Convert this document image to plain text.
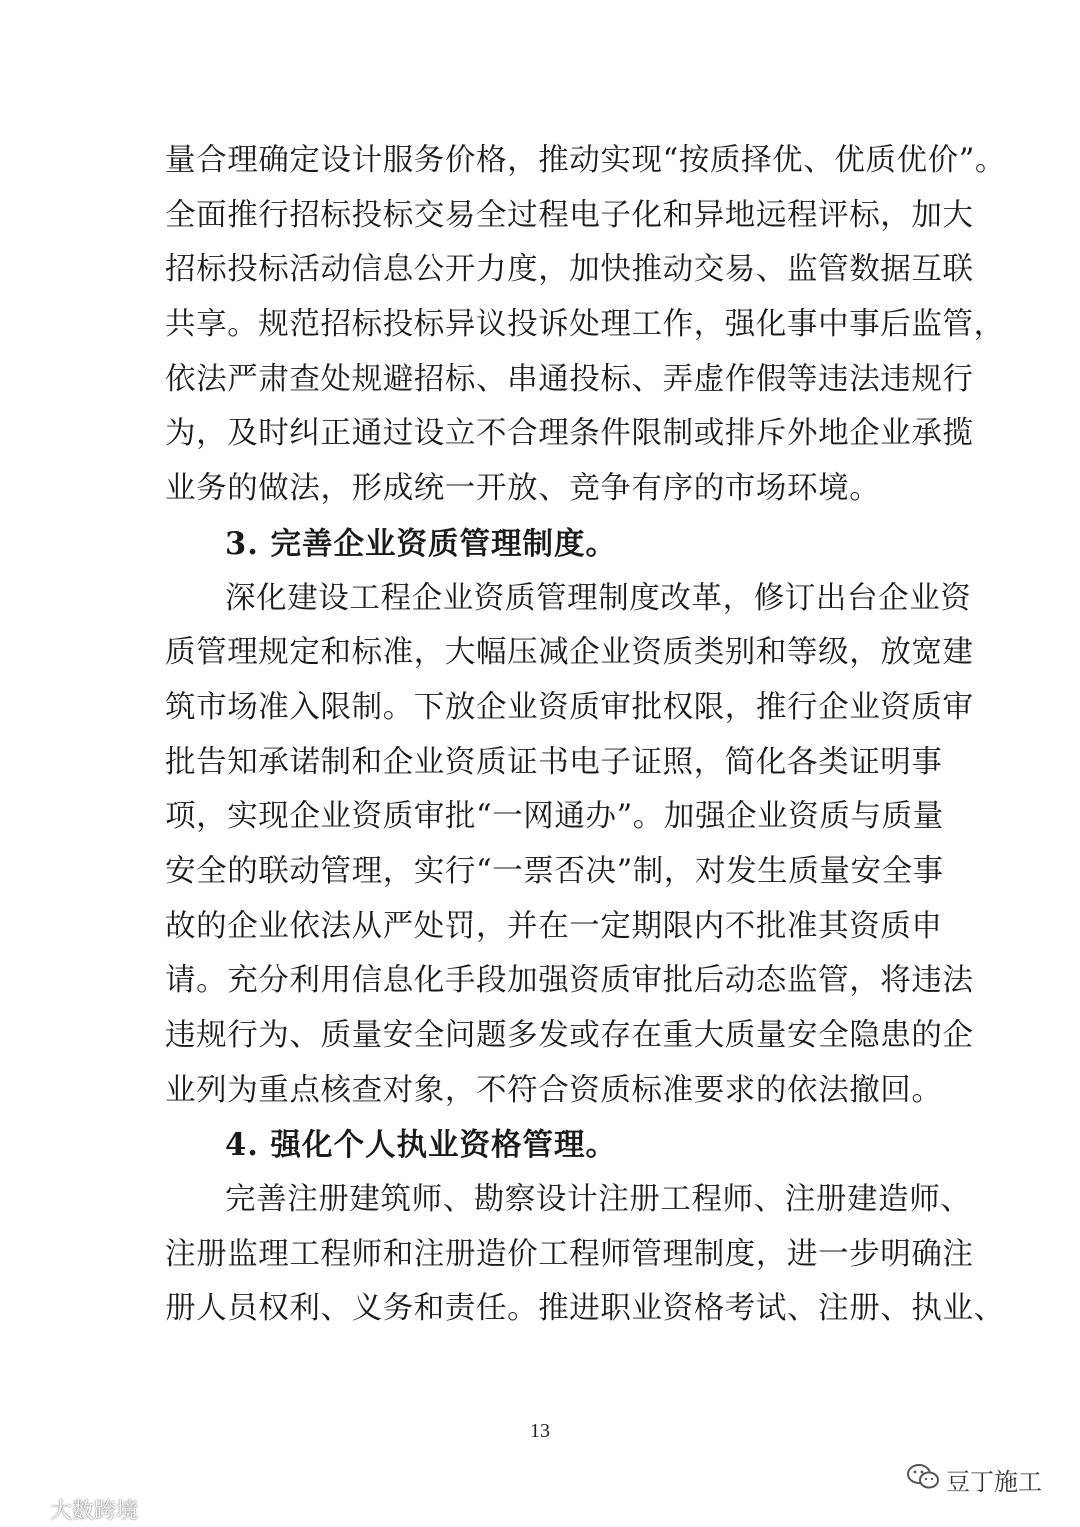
量合理确定设计服务价格，推动实现“按质择优、优质优价”。
全面推行招标投标交易全过程电子化和异地远程评标，加大
招标投标活动信息公开力度，加快推动交易、监管数据互联
共享。规范招标投标异议投诉处理工作，强化事中事后监管，
依法严肃查处规避招标、串通投标、弄虚作假等违法违规行
为，及时纠正通过设立不合理条件限制或排斥外地企业承揽
业务的做法，形成统一开放、竞争有序的市场环境。
3. 完善企业资质管理制度。
深化建设工程企业资质管理制度改革，修订出台企业资
质管理规定和标准，大幅压减企业资质类别和等级，放宽建
筑市场准入限制。下放企业资质审批权限，推行企业资质审
批告知承诺制和企业资质证书电子证照，简化各类证明事
项，实现企业资质审批“一网通办”。加强企业资质与质量
安全的联动管理，实行“一票否决”制，对发生质量安全事
故的企业依法从严处罚，并在一定期限内不批准其资质申
请。充分利用信息化手段加强资质审批后动态监管，将违法
违规行为、质量安全问题多发或存在重大质量安全隐患的企
业列为重点核查对象，不符合资质标准要求的依法撤回。
4. 强化个人执业资格管理。
完善注册建筑师、勘察设计注册工程师、注册建造师、
注册监理工程师和注册造价工程师管理制度，进一步明确注
册人员权利、义务和责任。推进职业资格考试、注册、执业、
13
豆丁施工
大数跨境
